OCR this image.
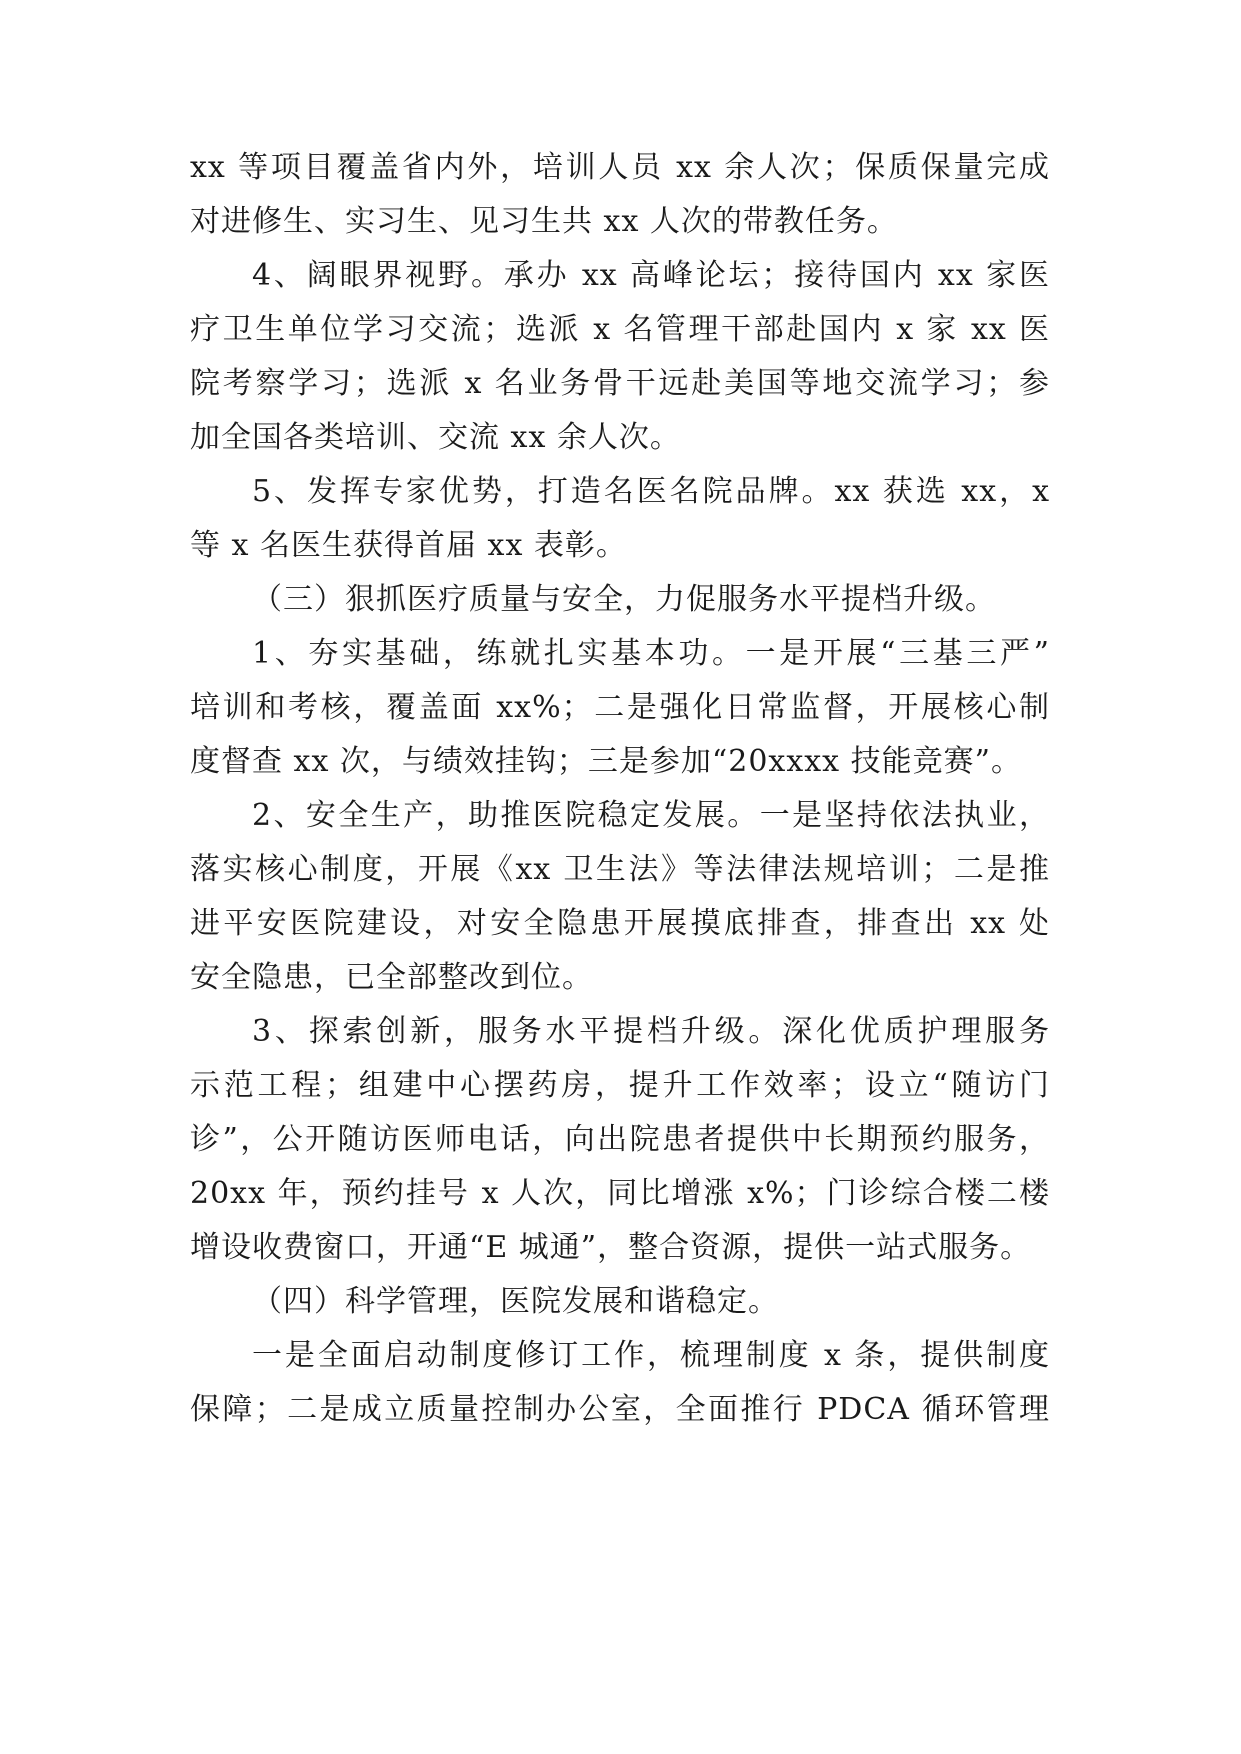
xx 等项目覆盖省内外，培训人员 xx 余人次；保质保量完成
对进修生、实习生、见习生共 xx 人次的带教任务。
4、阔眼界视野。承办 xx 高峰论坛；接待国内 xx 家医
疗卫生单位学习交流；选派 x 名管理干部赴国内 x 家 xx 医
院考察学习；选派 x 名业务骨干远赴美国等地交流学习；参
加全国各类培训、交流 xx 余人次。
5、发挥专家优势，打造名医名院品牌。xx 获选 xx，x
等 x 名医生获得首届 xx 表彰。
（三）狠抓医疗质量与安全，力促服务水平提档升级。
1、夯实基础，练就扎实基本功。一是开展“三基三严”
培训和考核，覆盖面 xx%；二是强化日常监督，开展核心制
度督查 xx 次，与绩效挂钩；三是参加“20xxxx 技能竞赛”。
2、安全生产，助推医院稳定发展。一是坚持依法执业，
落实核心制度，开展《xx 卫生法》等法律法规培训；二是推
进平安医院建设，对安全隐患开展摸底排查，排查出 xx 处
安全隐患，已全部整改到位。
3、探索创新，服务水平提档升级。深化优质护理服务
示范工程；组建中心摆药房，提升工作效率；设立“随访门
诊”，公开随访医师电话，向出院患者提供中长期预约服务，
20xx 年，预约挂号 x 人次，同比增涨 x%；门诊综合楼二楼
增设收费窗口，开通“E 城通”，整合资源，提供一站式服务。
（四）科学管理，医院发展和谐稳定。
一是全面启动制度修订工作，梳理制度 x 条，提供制度
保障；二是成立质量控制办公室，全面推行 PDCA 循环管理
